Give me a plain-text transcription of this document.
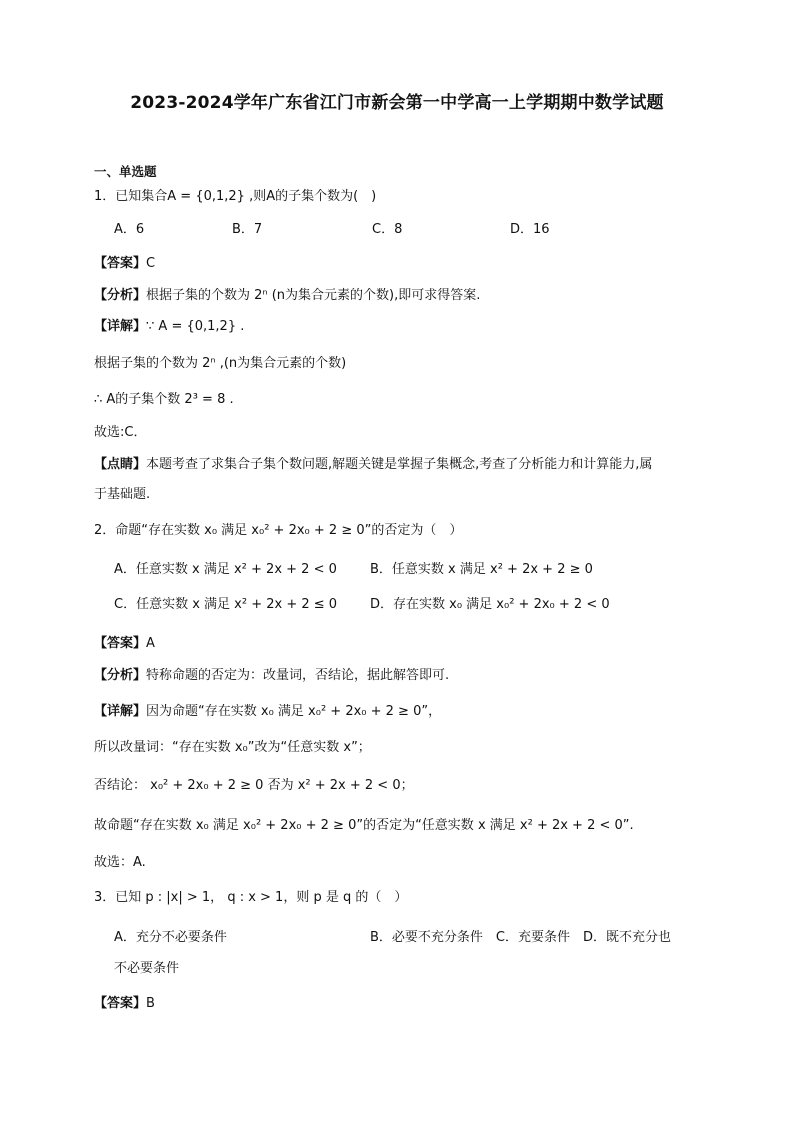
2023-2024学年广东省江门市新会第一中学高一上学期期中数学试题
一、单选题
1．已知集合A = {0,1,2} ,则A的子集个数为(　)
A．6	B．7	C．8	D．16
【答案】C
【分析】根据子集的个数为 2ⁿ (n为集合元素的个数),即可求得答案.
【详解】∵ A = {0,1,2} .
根据子集的个数为 2ⁿ ,(n为集合元素的个数)
∴ A的子集个数 2³ = 8 .
故选:C．
【点睛】本题考查了求集合子集个数问题,解题关键是掌握子集概念,考查了分析能力和计算能力,属
于基础题.
2．命题“存在实数 x₀ 满足 x₀² + 2x₀ + 2 ≥ 0”的否定为（　）
A．任意实数 x 满足 x² + 2x + 2 < 0	B．任意实数 x 满足 x² + 2x + 2 ≥ 0
C．任意实数 x 满足 x² + 2x + 2 ≤ 0	D．存在实数 x₀ 满足 x₀² + 2x₀ + 2 < 0
【答案】A
【分析】特称命题的否定为：改量词，否结论，据此解答即可.
【详解】因为命题“存在实数 x₀ 满足 x₀² + 2x₀ + 2 ≥ 0”，
所以改量词：“存在实数 x₀”改为“任意实数 x”；
否结论： x₀² + 2x₀ + 2 ≥ 0 否为 x² + 2x + 2 < 0；
故命题“存在实数 x₀ 满足 x₀² + 2x₀ + 2 ≥ 0”的否定为“任意实数 x 满足 x² + 2x + 2 < 0”.
故选：A.
3．已知 p : |x| > 1， q : x > 1，则 p 是 q 的（　）
A．充分不必要条件	B．必要不充分条件　C．充要条件　D．既不充分也
不必要条件
【答案】B
